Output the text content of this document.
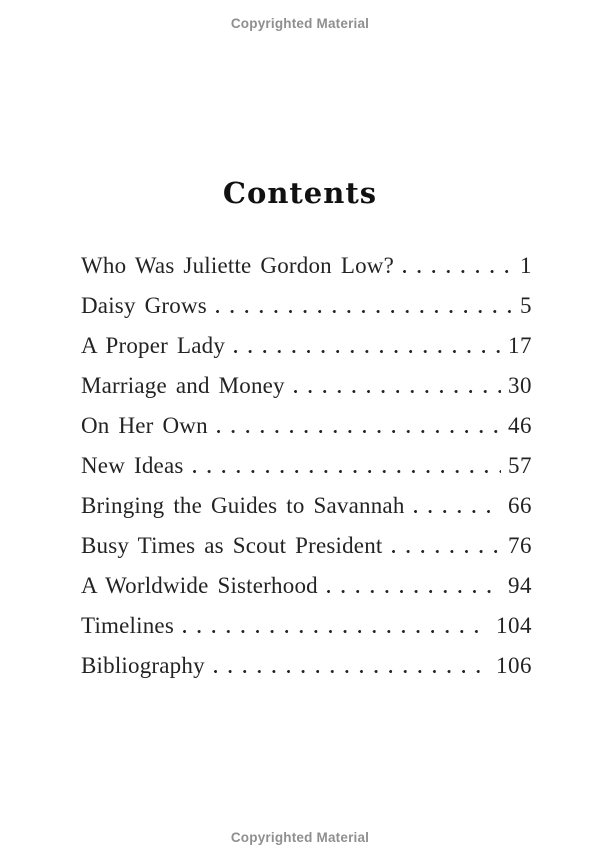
Copyrighted Material
Contents
Who Was Juliette Gordon Low?	1
Daisy Grows	5
A Proper Lady	17
Marriage and Money	30
On Her Own	46
New Ideas	57
Bringing the Guides to Savannah	66
Busy Times as Scout President	76
A Worldwide Sisterhood	94
Timelines	104
Bibliography	106
Copyrighted Material
